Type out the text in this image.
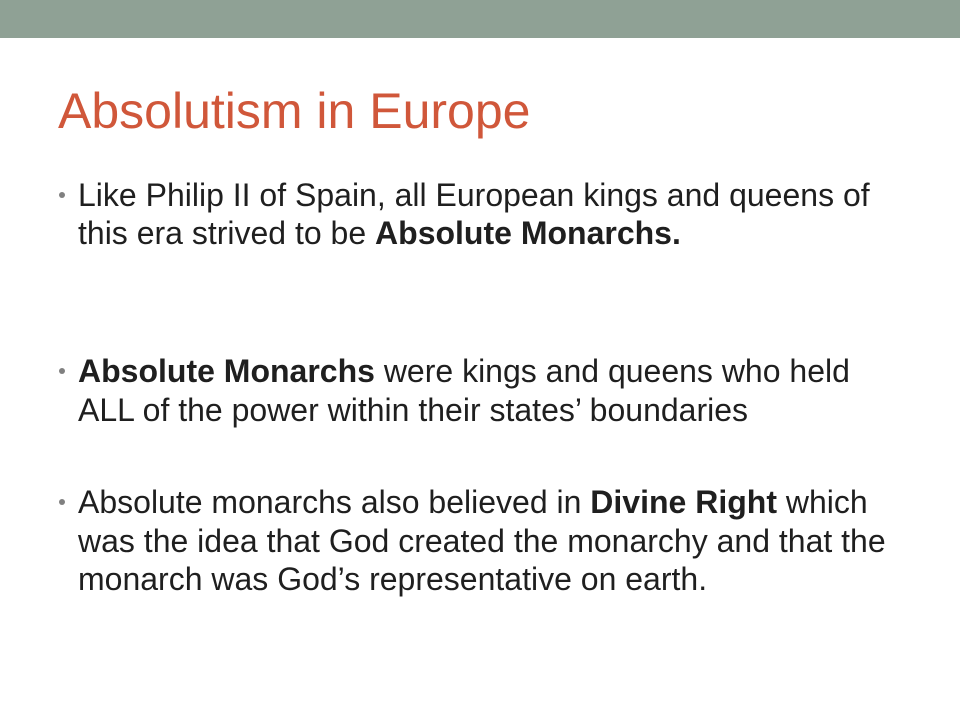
Absolutism in Europe
Like Philip II of Spain, all European kings and queens of
this era strived to be Absolute Monarchs.
Absolute Monarchs were kings and queens who held
ALL of the power within their states’ boundaries
Absolute monarchs also believed in Divine Right which
was the idea that God created the monarchy and that the
monarch was God’s representative on earth.
